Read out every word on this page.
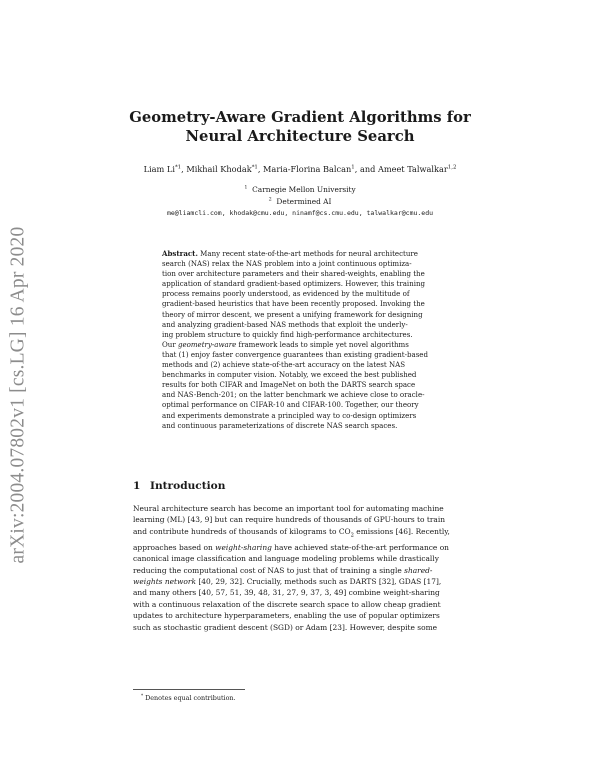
arXiv:2004.07802v1 [cs.LG] 16 Apr 2020
Geometry-Aware Gradient Algorithms for
Neural Architecture Search
Liam Li$^{*1}$, Mikhail Khodak$^{*1}$, Maria-Florina Balcan$^1$, and Ameet Talwalkar$^{1,2}$
$^1$ Carnegie Mellon University
$^2$ Determined AI
me@liamcli.com, khodak@cmu.edu, ninamf@cs.cmu.edu, talwalkar@cmu.edu
Abstract. Many recent state-of-the-art methods for neural architecture
search (NAS) relax the NAS problem into a joint continuous optimiza-
tion over architecture parameters and their shared-weights, enabling the
application of standard gradient-based optimizers. However, this training
process remains poorly understood, as evidenced by the multitude of
gradient-based heuristics that have been recently proposed. Invoking the
theory of mirror descent, we present a unifying framework for designing
and analyzing gradient-based NAS methods that exploit the underly-
ing problem structure to quickly find high-performance architectures.
Our geometry-aware framework leads to simple yet novel algorithms
that (1) enjoy faster convergence guarantees than existing gradient-based
methods and (2) achieve state-of-the-art accuracy on the latest NAS
benchmarks in computer vision. Notably, we exceed the best published
results for both CIFAR and ImageNet on both the DARTS search space
and NAS-Bench-201; on the latter benchmark we achieve close to oracle-
optimal performance on CIFAR-10 and CIFAR-100. Together, our theory
and experiments demonstrate a principled way to co-design optimizers
and continuous parameterizations of discrete NAS search spaces.
1 Introduction
Neural architecture search has become an important tool for automating machine
learning (ML) [43, 9] but can require hundreds of thousands of GPU-hours to train
and contribute hundreds of thousands of kilograms to $CO_2$ emissions [46]. Recently,
approaches based on weight-sharing have achieved state-of-the-art performance on
canonical image classification and language modeling problems while drastically
reducing the computational cost of NAS to just that of training a single shared-
weights network [40, 29, 32]. Crucially, methods such as DARTS [32], GDAS [17],
and many others [40, 57, 51, 39, 48, 31, 27, 9, 37, 3, 49] combine weight-sharing
with a continuous relaxation of the discrete search space to allow cheap gradient
updates to architecture hyperparameters, enabling the use of popular optimizers
such as stochastic gradient descent (SGD) or Adam [23]. However, despite some
* Denotes equal contribution.
